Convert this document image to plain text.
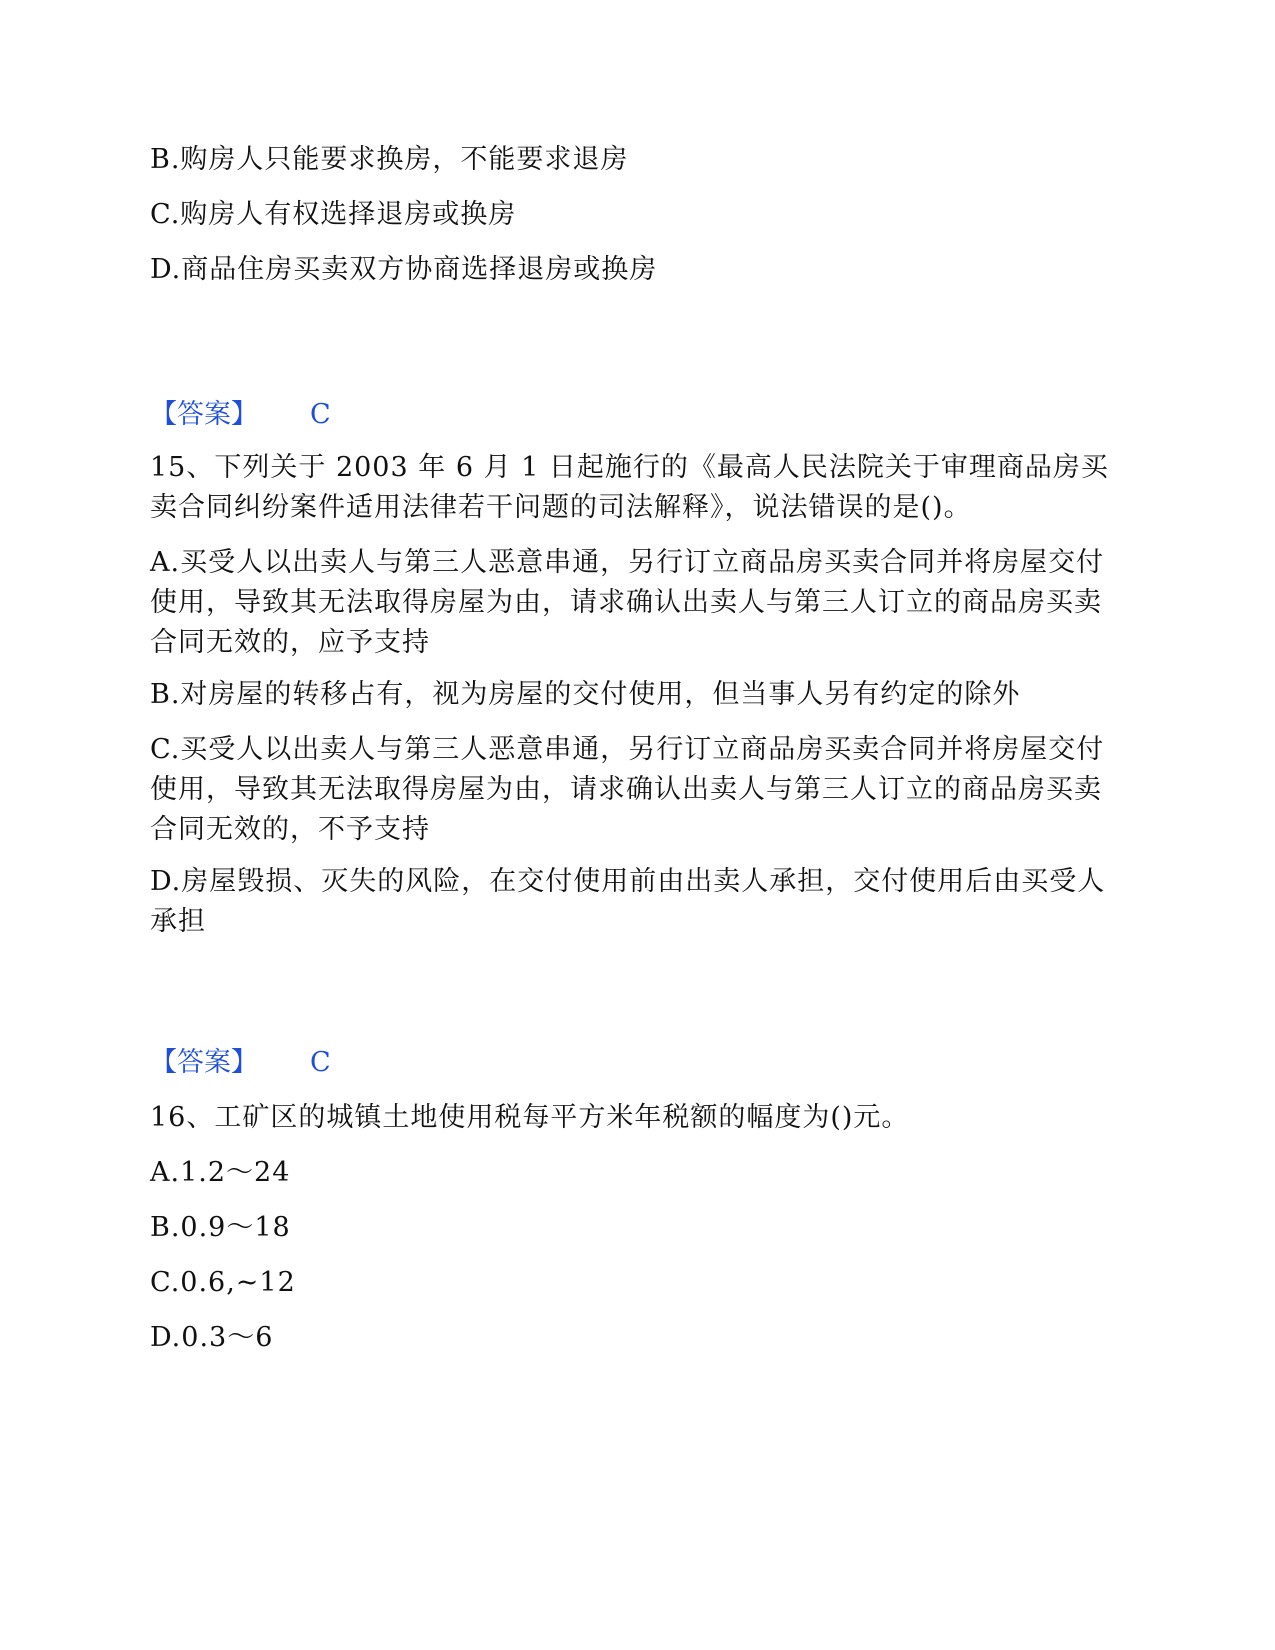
B.购房人只能要求换房，不能要求退房
C.购房人有权选择退房或换房
D.商品住房买卖双方协商选择退房或换房
【答案】 C
15、下列关于 2003 年 6 月 1 日起施行的《最高人民法院关于审理商品房买卖合同纠纷案件适用法律若干问题的司法解释》，说法错误的是()。
A.买受人以出卖人与第三人恶意串通，另行订立商品房买卖合同并将房屋交付使用，导致其无法取得房屋为由，请求确认出卖人与第三人订立的商品房买卖合同无效的，应予支持
B.对房屋的转移占有，视为房屋的交付使用，但当事人另有约定的除外
C.买受人以出卖人与第三人恶意串通，另行订立商品房买卖合同并将房屋交付使用，导致其无法取得房屋为由，请求确认出卖人与第三人订立的商品房买卖合同无效的，不予支持
D.房屋毁损、灭失的风险，在交付使用前由出卖人承担，交付使用后由买受人承担
【答案】 C
16、工矿区的城镇土地使用税每平方米年税额的幅度为()元。
A.1.2～24
B.0.9～18
C.0.6,~12
D.0.3～6
